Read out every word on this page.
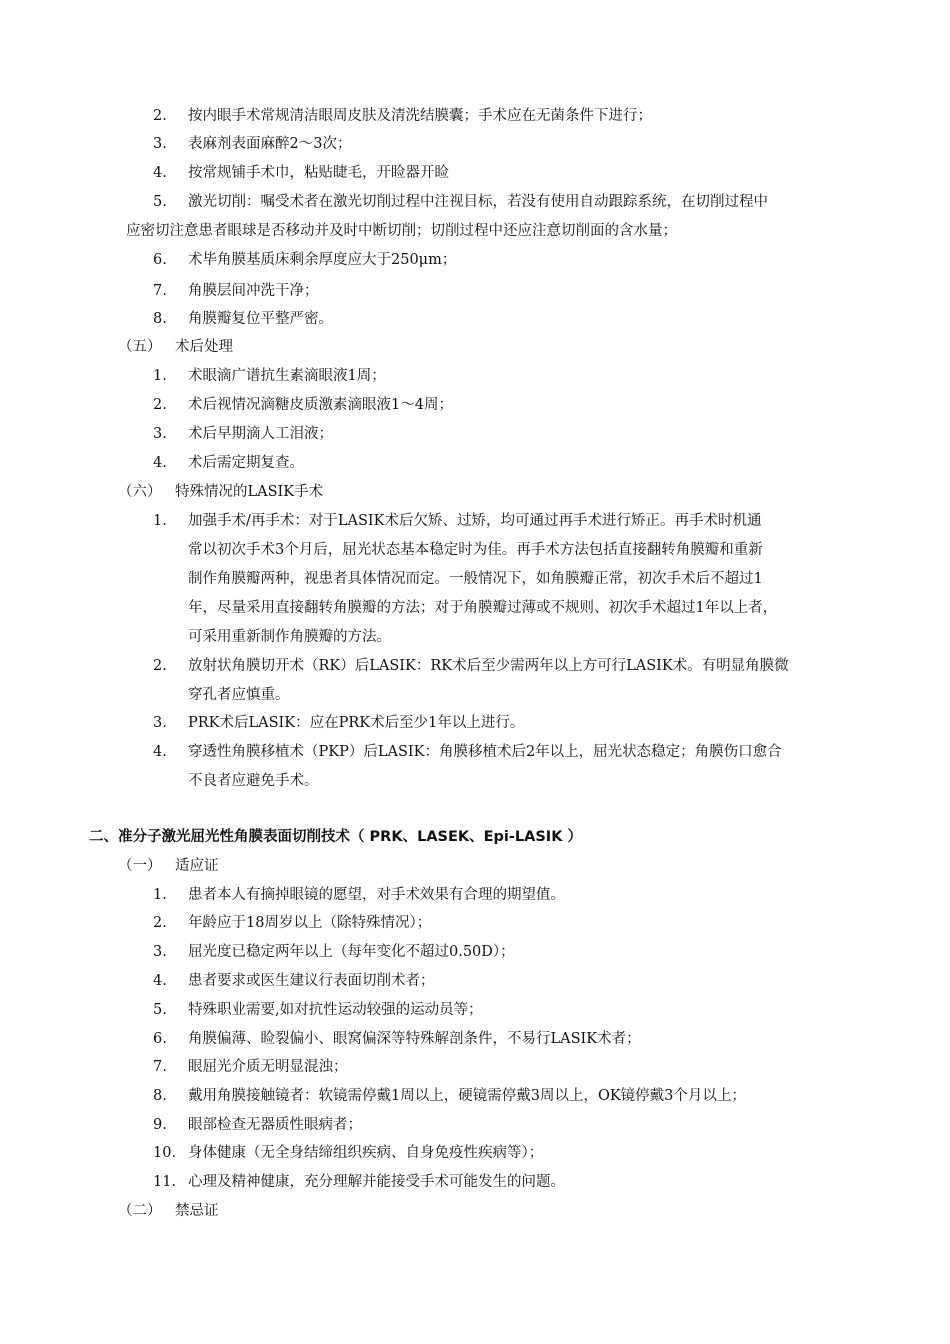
2.	按内眼手术常规清洁眼周皮肤及清洗结膜囊；手术应在无菌条件下进行；
3.	表麻剂表面麻醉2～3次；
4.	按常规铺手术巾，粘贴睫毛，开睑器开睑
5.	激光切削：嘱受术者在激光切削过程中注视目标，若没有使用自动跟踪系统，在切削过程中
应密切注意患者眼球是否移动并及时中断切削；切削过程中还应注意切削面的含水量；
6.	术毕角膜基质床剩余厚度应大于250μm；
7.	角膜层间冲洗干净；
8.	角膜瓣复位平整严密。
（五） 术后处理
1.	术眼滴广谱抗生素滴眼液1周；
2.	术后视情况滴糖皮质激素滴眼液1～4周；
3.	术后早期滴人工泪液；
4.	术后需定期复查。
（六） 特殊情况的LASIK手术
1.	加强手术/再手术：对于LASIK术后欠矫、过矫，均可通过再手术进行矫正。再手术时机通
常以初次手术3个月后，屈光状态基本稳定时为佳。再手术方法包括直接翻转角膜瓣和重新
制作角膜瓣两种，视患者具体情况而定。一般情况下，如角膜瓣正常，初次手术后不超过1
年，尽量采用直接翻转角膜瓣的方法；对于角膜瓣过薄或不规则、初次手术超过1年以上者，
可采用重新制作角膜瓣的方法。
2.	放射状角膜切开术（RK）后LASIK：RK术后至少需两年以上方可行LASIK术。有明显角膜微
穿孔者应慎重。
3.	PRK术后LASIK：应在PRK术后至少1年以上进行。
4.	穿透性角膜移植术（PKP）后LASIK：角膜移植术后2年以上，屈光状态稳定；角膜伤口愈合
不良者应避免手术。
二、准分子激光屈光性角膜表面切削技术（ PRK、LASEK、Epi-LASIK ）
（一） 适应证
1.	患者本人有摘掉眼镜的愿望，对手术效果有合理的期望值。
2.	年龄应于18周岁以上（除特殊情况）；
3.	屈光度已稳定两年以上（每年变化不超过0.50D）；
4.	患者要求或医生建议行表面切削术者；
5.	特殊职业需要,如对抗性运动较强的运动员等；
6.	角膜偏薄、睑裂偏小、眼窝偏深等特殊解剖条件，不易行LASIK术者；
7.	眼屈光介质无明显混浊；
8.	戴用角膜接触镜者：软镜需停戴1周以上，硬镜需停戴3周以上，OK镜停戴3个月以上；
9.	眼部检查无器质性眼病者；
10. 身体健康（无全身结缔组织疾病、自身免疫性疾病等）；
11. 心理及精神健康，充分理解并能接受手术可能发生的问题。
（二） 禁忌证
